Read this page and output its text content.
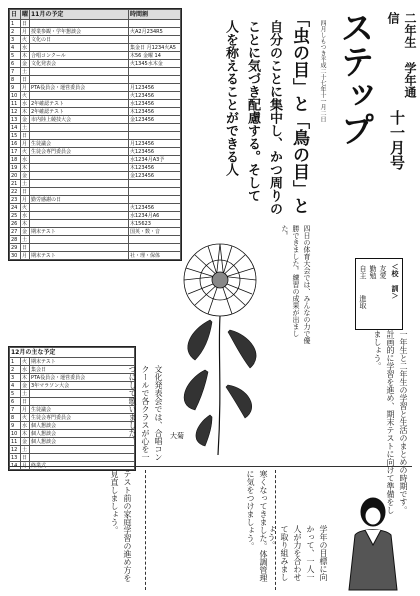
ステップ	二年生 学年通信
十一月号
四月しもつき平成二十七年十一月二日
「虫の目」と「鳥の目」と
自分のことに集中し、かつ周りの
ことに気づき配慮する。そして
人を称えることができる人
＜校 訓＞
友愛
勤勉
自主
進取
日	曜	11月の予定	時間割
1	日		
2	月	授業参観・学年懇談会	火A2月234R5
3	火	文化の日	
4	水		集金日 月1234火A5
5	木	合唱コンクール	木56 金曜 14
6	金	文化発表会	火1345水木金
7	土		
8	日		
9	月	PTA役員会・運営委員会	月123456
10	火		火123456
11	水	2年確認テスト	水123456
12	木	2年確認テスト	木123456
13	金	市内陸上競技大会	金123456
14	土		
15	日		
16	月	生徒議会	月123456
17	火	生徒会専門委員会	火123456
18	水		水1234月A3予
19	木		木123456
20	金		金123456
21	土		
22	日		
23	月	勤労感謝の日	
24	火		火123456
25	水		水1234月A6
26	木		木15623
27	金	期末テスト	国英・数・音
28	土		
29	日		
30	月	期末テスト	社・理・保体
12月の主な予定		
1	火	期末テスト
2	水	集会日
3	木	PTA役員会・運営委員会
4	金	3年マラソン大会
5	土	
6	日	
7	月	生徒議会
8	火	生徒会専門委員会
9	水	個人懇談会
10	木	個人懇談会
11	金	個人懇談会
12	土	
13	日	
14	月	終業式
四日の体育大会では、みんなの力で優勝できました。練習の成果が出ました。
一年生と二年生の学習と生活のまとめの時期です。計画的に学習を進め、期末テストに向けて準備をしましょう。
文化発表会では、合唱コンクールで各クラスが心を一つにして歌いました。
テスト前の家庭学習の進め方を見直しましょう。	寒くなってきました。体調管理に気をつけましょう。
学年の目標に向かって、一人一人が力を合わせて取り組みましょう。
大菊
